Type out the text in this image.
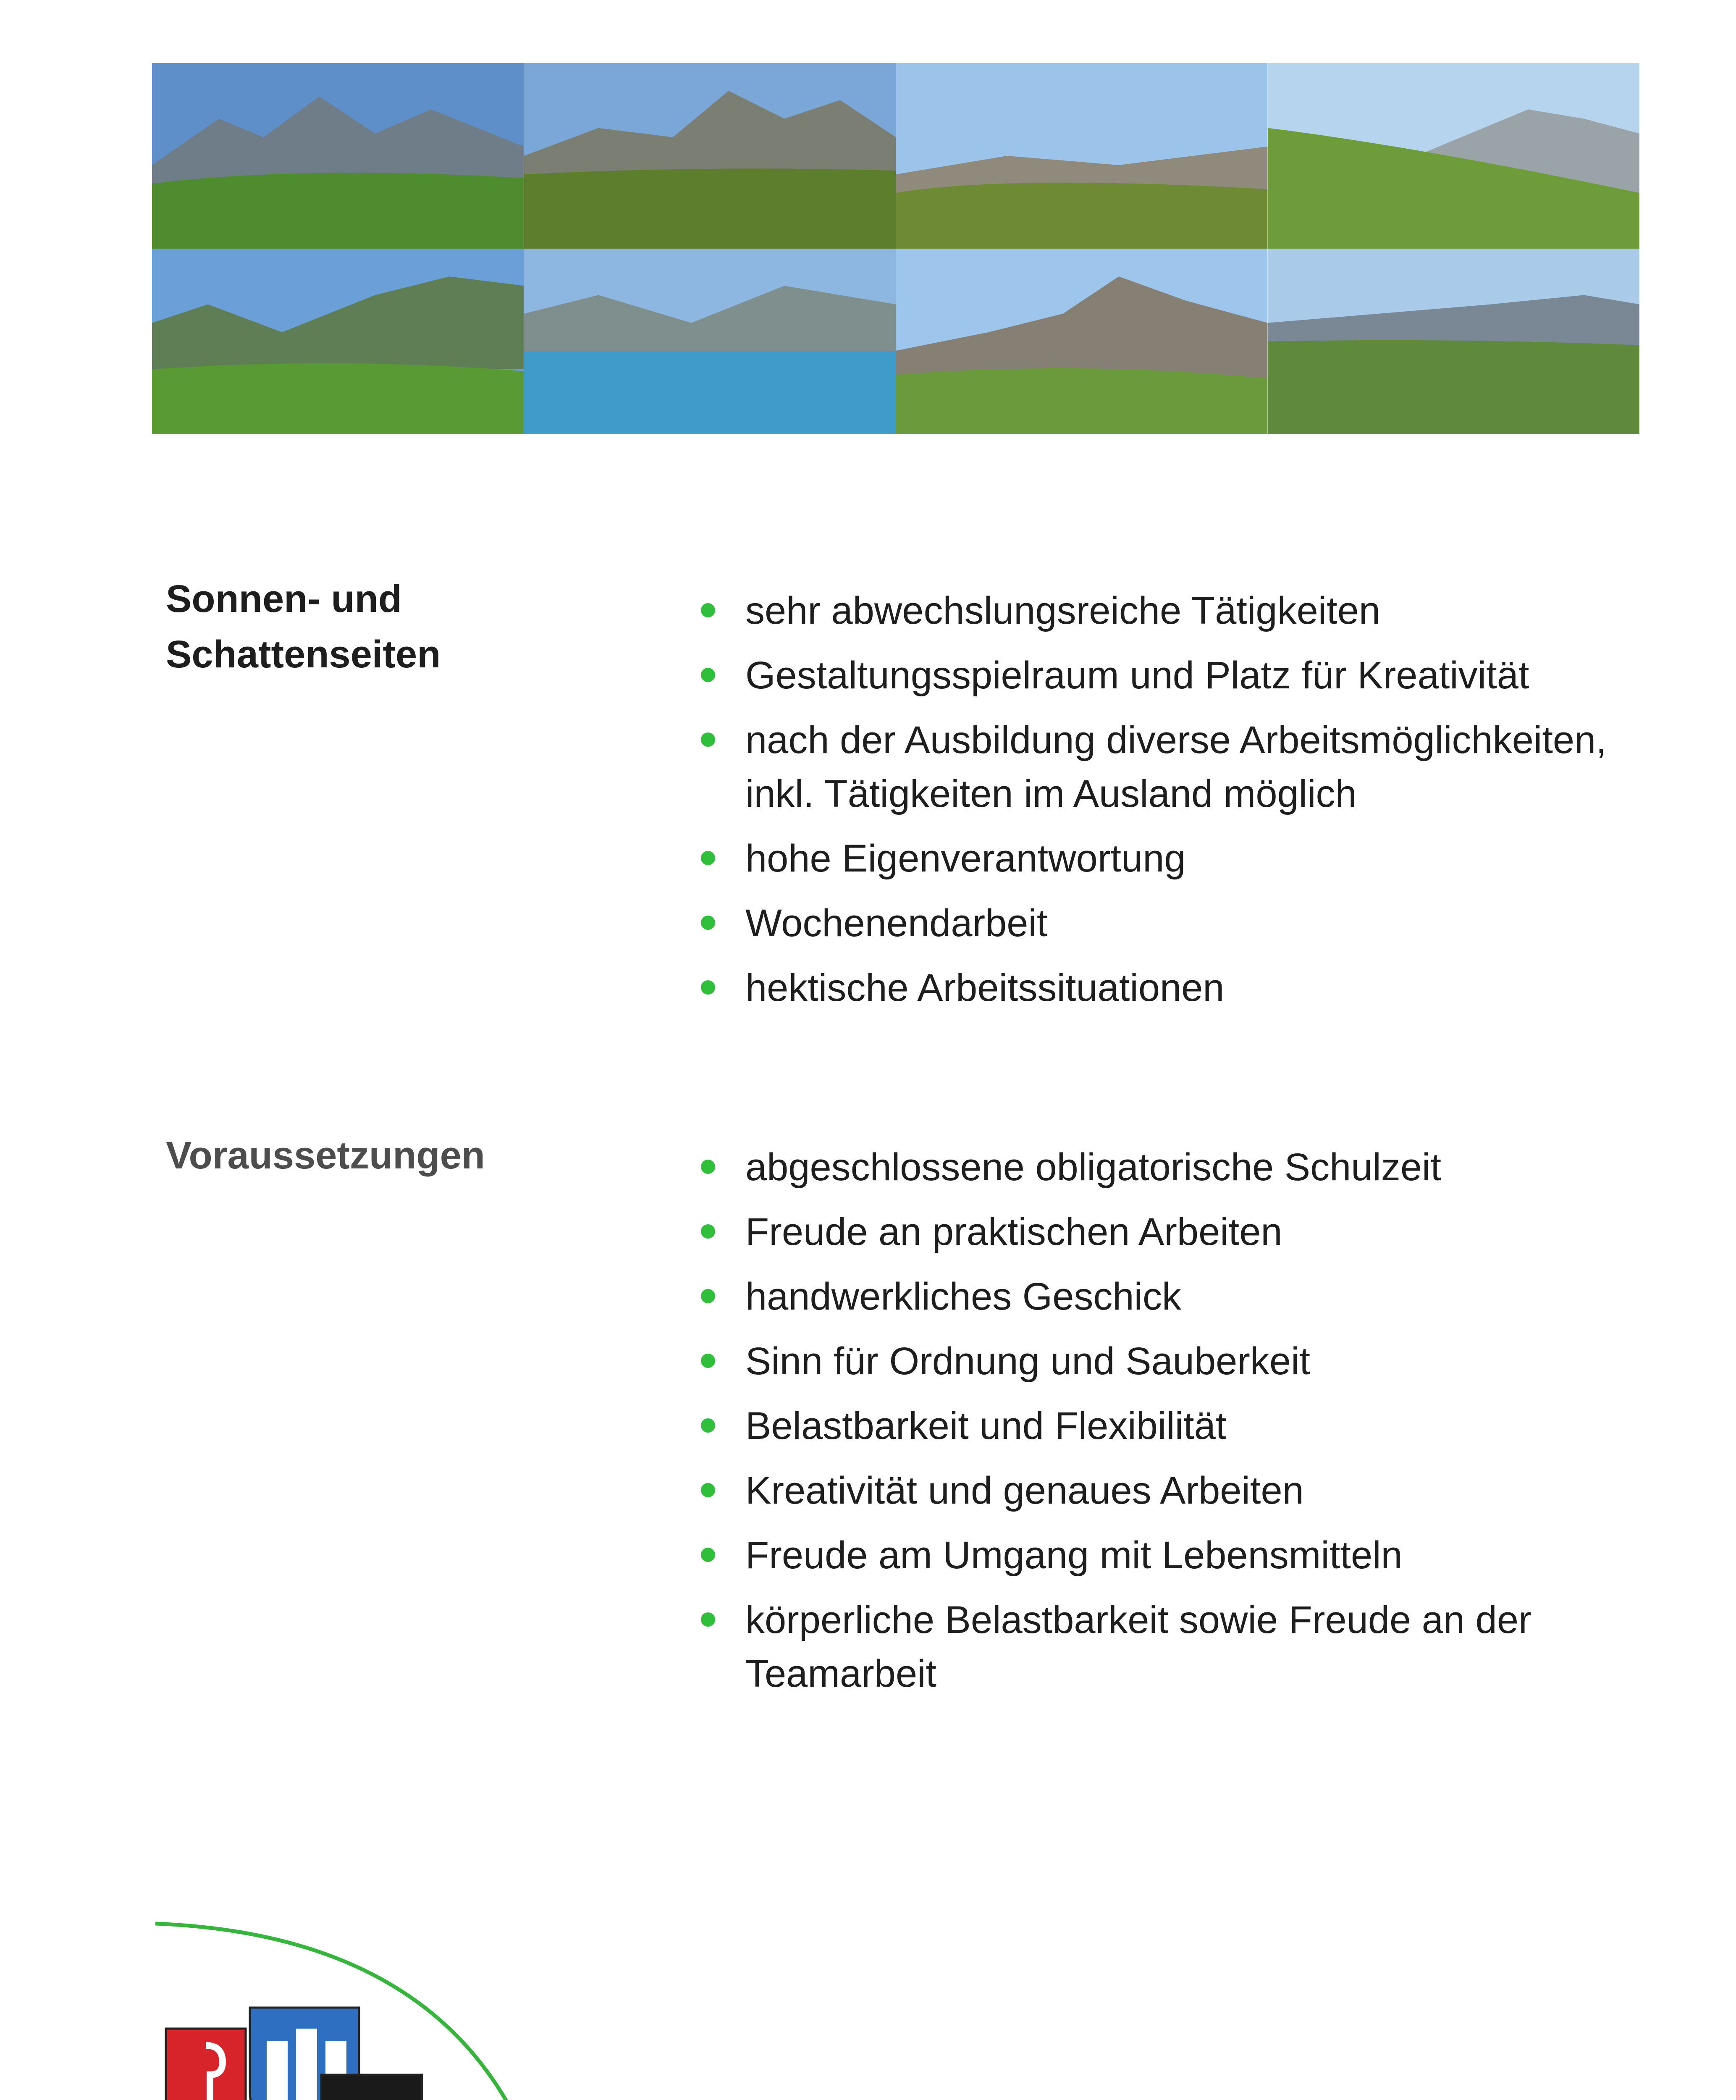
Sonnen- und
Schattenseiten
sehr abwechslungsreiche Tätigkeiten
Gestaltungsspielraum und Platz für Kreativität
nach der Ausbildung diverse Arbeitsmöglichkeiten, inkl. Tätigkeiten im Ausland möglich
hohe Eigenverantwortung
Wochenendarbeit
hektische Arbeitssituationen
Voraussetzungen	abgeschlossene obligatorische Schulzeit
Freude an praktischen Arbeiten
handwerkliches Geschick
Sinn für Ordnung und Sauberkeit
Belastbarkeit und Flexibilität
Kreativität und genaues Arbeiten
Freude am Umgang mit Lebensmitteln
körperliche Belastbarkeit sowie Freude an der Teamarbeit
